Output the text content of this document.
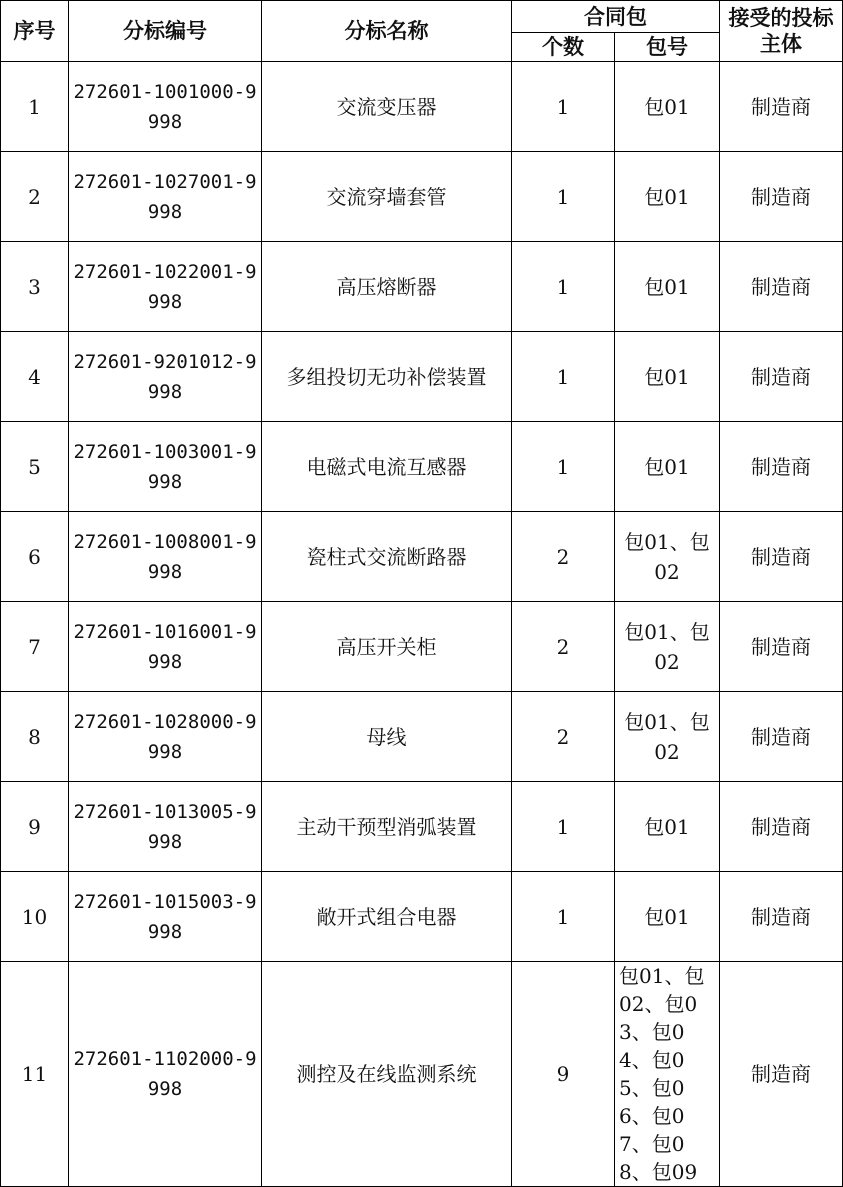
序号	分标编号	分标名称	合同包		接受的投标主体

			个数	包号	
1	272601-1001000-9998	交流变压器	1	包01	制造商
2	272601-1027001-9998	交流穿墙套管	1	包01	制造商
3	272601-1022001-9998	高压熔断器	1	包01	制造商
4	272601-9201012-9998	多组投切无功补偿装置	1	包01	制造商
5	272601-1003001-9998	电磁式电流互感器	1	包01	制造商
6	272601-1008001-9998	瓷柱式交流断路器	2	包01、包02	制造商
7	272601-1016001-9998	高压开关柜	2	包01、包02	制造商
8	272601-1028000-9998	母线	2	包01、包02	制造商
9	272601-1013005-9998	主动干预型消弧装置	1	包01	制造商
10	272601-1015003-9998	敞开式组合电器	1	包01	制造商
11	272601-1102000-9998	测控及在线监测系统	9	包01、包02、包03、包04、包05、包06、包07、包08、包09	制造商
